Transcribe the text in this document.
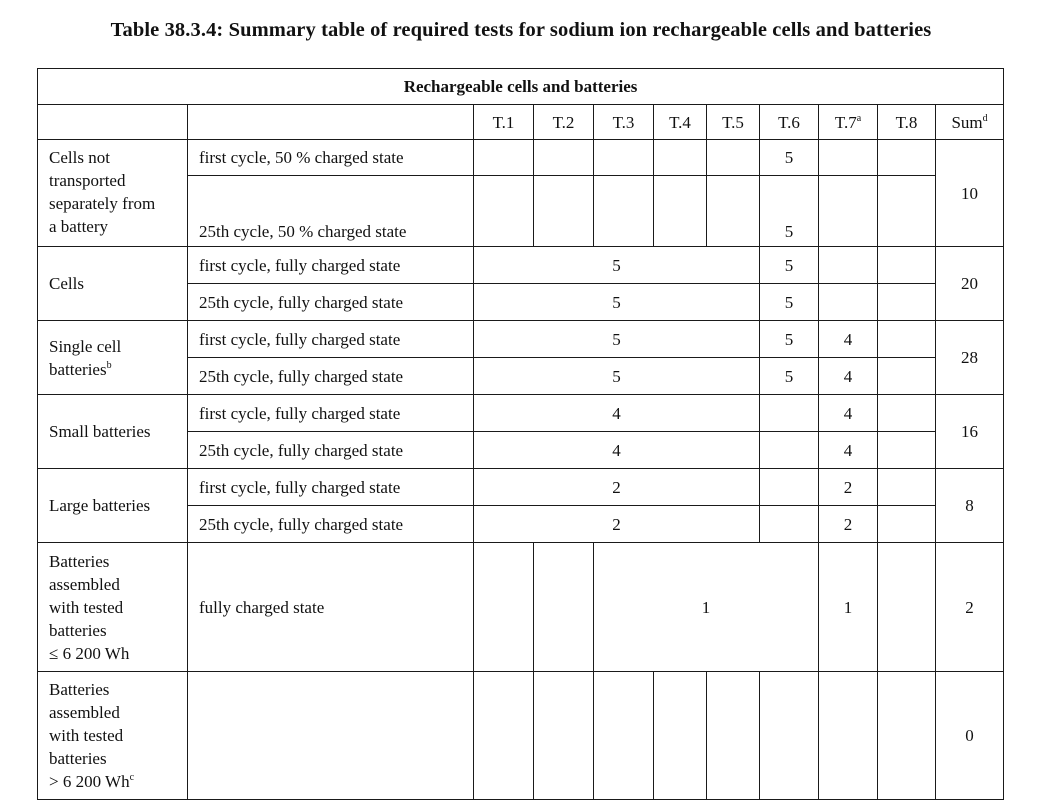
Table 38.3.4: Summary table of required tests for sodium ion rechargeable cells and batteries
Rechargeable cells and batteries										
		T.1	T.2	T.3	T.4	T.5	T.6	T.7$^a$	T.8	Sum$^d$

Cells not
transported
separately from
a battery	first cycle, 50 % charged state						5			10
	25th cycle, 50 % charged state						5			
Cells	first cycle, fully charged state	5					5			20
	25th cycle, fully charged state	5					5			

Single cell
batteries$^b$	first cycle, fully charged state	5					5	4		28
	25th cycle, fully charged state	5					5	4		
Small batteries	first cycle, fully charged state	4						4		16
	25th cycle, fully charged state	4						4		
Large batteries	first cycle, fully charged state	2						2		8
	25th cycle, fully charged state	2						2		

Batteries
assembled
with tested
batteries
≤ 6 200 Wh	fully charged state			1				1		2

Batteries
assembled
with tested
batteries
> 6 200 Wh$^c$										0
